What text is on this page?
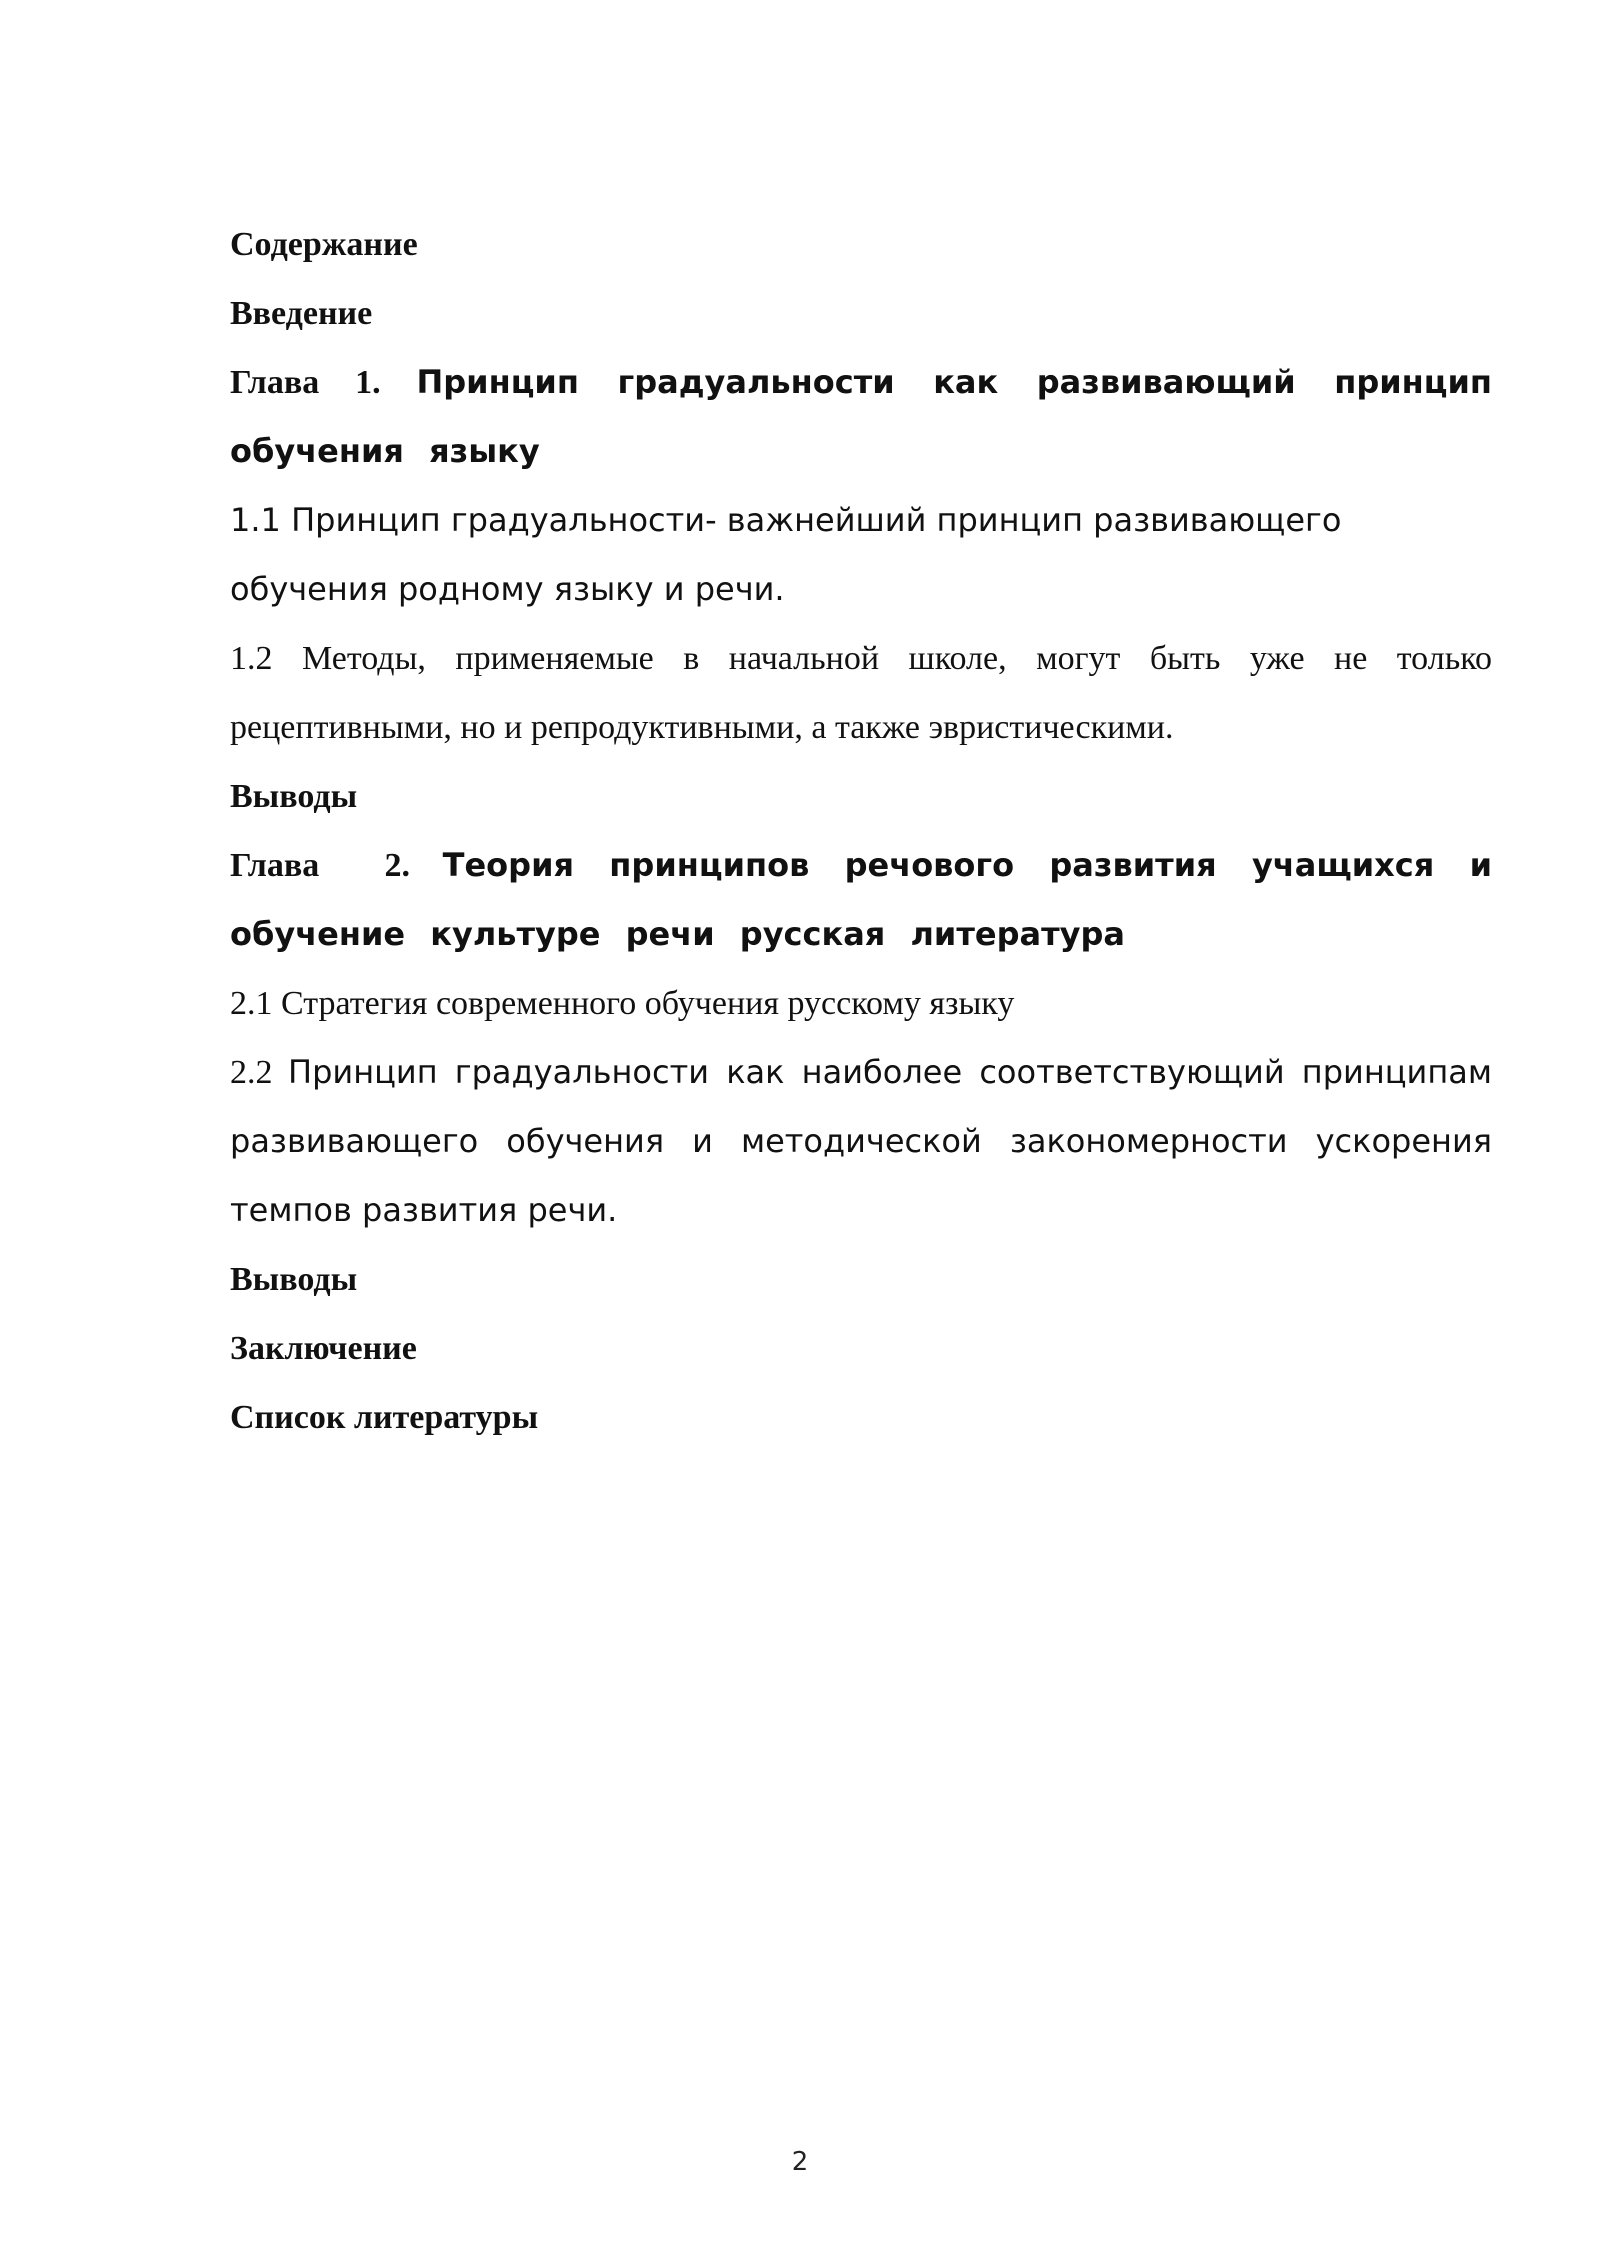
Содержание

Введение

Глава 1. Принцип градуальности как развивающий принцип обучения языку

1.1 Принцип градуальности- важнейший принцип развивающего обучения родному языку и речи.

1.2 Методы, применяемые в начальной школе, могут быть уже не только рецептивными, но и репродуктивными, а также эвристическими.

Выводы

Глава  2. Теория принципов речового развития учащихся и обучение культуре речи русская литература

2.1 Стратегия современного обучения русскому языку

2.2 Принцип градуальности как наиболее соответствующий принципам развивающего обучения и методической закономерности ускорения темпов развития речи.

Выводы

Заключение

Список литературы

2
